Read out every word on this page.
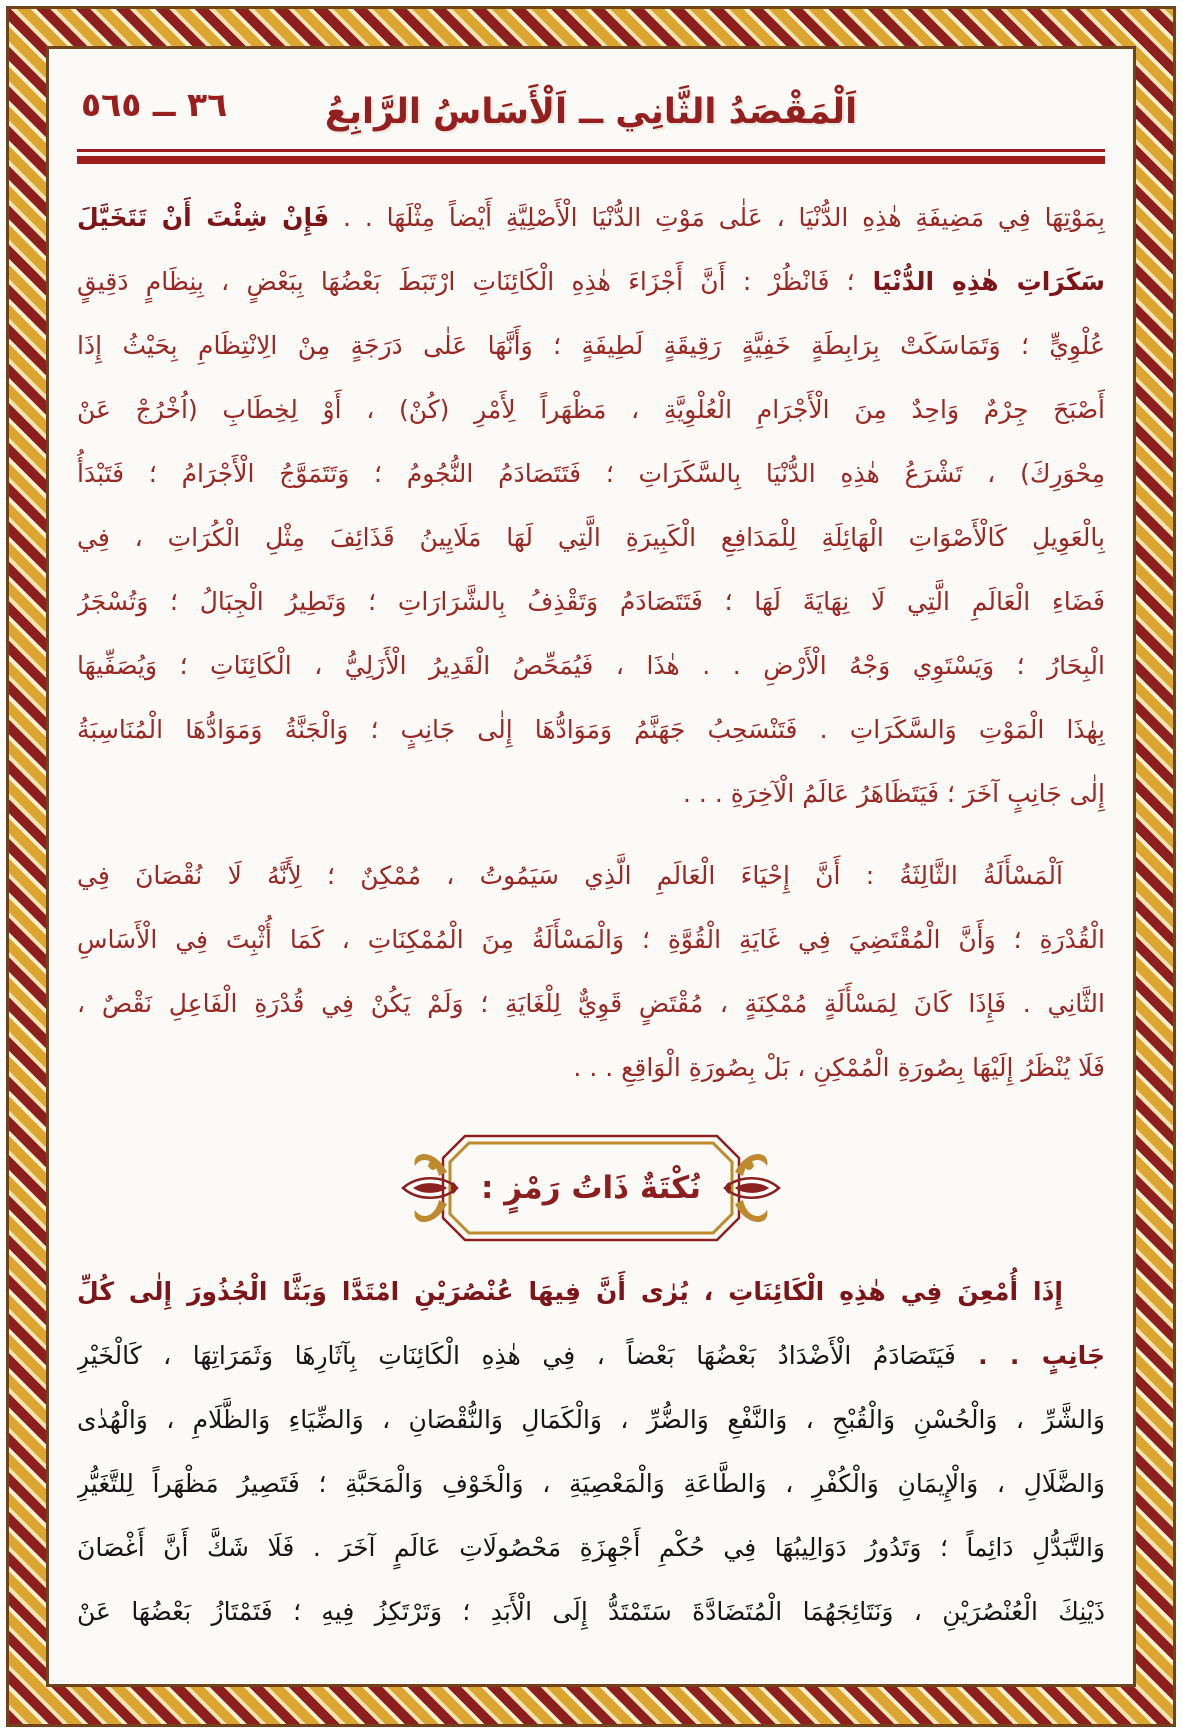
٣٦ ــ ٥٦٥	اَلْمَقْصَدُ الثَّانِي ــ اَلْأَسَاسُ الرَّابِعُ
بِمَوْتِهَا فِي مَضِيفَةِ هٰذِهِ الدُّنْيَا ، عَلٰى مَوْتِ الدُّنْيَا الْأَصْلِيَّةِ أَيْضاً مِثْلَهَا . . فَإِنْ شِئْتَ أَنْ تَتَخَيَّلَ
سَكَرَاتِ هٰذِهِ الدُّنْيَا ؛ فَانْظُرْ : أَنَّ أَجْزَاءَ هٰذِهِ الْكَائِنَاتِ ارْتَبَطَ بَعْضُهَا بِبَعْضٍ ، بِنِظَامٍ دَقِيقٍ
عُلْوِيٍّ ؛ وَتَمَاسَكَتْ بِرَابِطَةٍ خَفِيَّةٍ رَقِيقَةٍ لَطِيفَةٍ ؛ وَأَنَّهَا عَلٰى دَرَجَةٍ مِنْ الِانْتِظَامِ بِحَيْثُ إِذَا
أَصْبَحَ جِرْمٌ وَاحِدٌ مِنَ الْأَجْرَامِ الْعُلْوِيَّةِ ، مَظْهَراً لِأَمْرِ (كُنْ) ، أَوْ لِخِطَابِ (اُخْرُجْ عَنْ
مِحْوَرِكَ) ، تَشْرَعُ هٰذِهِ الدُّنْيَا بِالسَّكَرَاتِ ؛ فَتَتَصَادَمُ النُّجُومُ ؛ وَتَتَمَوَّجُ الْأَجْرَامُ ؛ فَتَبْدَأُ
بِالْعَوِيلِ كَالْأَصْوَاتِ الْهَائِلَةِ لِلْمَدَافِعِ الْكَبِيرَةِ الَّتِي لَهَا مَلَايِينُ قَذَائِفَ مِثْلِ الْكُرَاتِ ، فِي
فَضَاءِ الْعَالَمِ الَّتِي لَا نِهَايَةَ لَهَا ؛ فَتَتَصَادَمُ وَتَقْذِفُ بِالشَّرَارَاتِ ؛ وَتَطِيرُ الْجِبَالُ ؛ وَتُسْجَرُ
الْبِحَارُ ؛ وَيَسْتَوِي وَجْهُ الْأَرْضِ . . هٰذَا ، فَيُمَحِّصُ الْقَدِيرُ الْأَزَلِيُّ ، الْكَائِنَاتِ ؛ وَيُصَفِّيهَا
بِهٰذَا الْمَوْتِ وَالسَّكَرَاتِ . فَتَنْسَحِبُ جَهَنَّمُ وَمَوَادُّهَا إِلٰى جَانِبٍ ؛ وَالْجَنَّةُ وَمَوَادُّهَا الْمُنَاسِبَةُ
إِلٰى جَانِبٍ آخَرَ ؛ فَيَتَظَاهَرُ عَالَمُ الْآخِرَةِ . . .
اَلْمَسْأَلَةُ الثَّالِثَةُ : أَنَّ إِحْيَاءَ الْعَالَمِ الَّذِي سَيَمُوتُ ، مُمْكِنٌ ؛ لِأَنَّهُ لَا نُقْصَانَ فِي
الْقُدْرَةِ ؛ وَأَنَّ الْمُقْتَضِيَ فِي غَايَةِ الْقُوَّةِ ؛ وَالْمَسْأَلَةُ مِنَ الْمُمْكِنَاتِ ، كَمَا أُثْبِتَ فِي الْأَسَاسِ
الثَّانِي . فَإِذَا كَانَ لِمَسْأَلَةٍ مُمْكِنَةٍ ، مُقْتَضٍ قَوِيٌّ لِلْغَايَةِ ؛ وَلَمْ يَكُنْ فِي قُدْرَةِ الْفَاعِلِ نَقْصٌ ،
فَلَا يُنْظَرُ إِلَيْهَا بِصُورَةِ الْمُمْكِنِ ، بَلْ بِصُورَةِ الْوَاقِعِ . . .
نُكْتَةٌ ذَاتُ رَمْزٍ :
إِذَا أُمْعِنَ فِي هٰذِهِ الْكَائِنَاتِ ، يُرٰى أَنَّ فِيهَا عُنْصُرَيْنِ امْتَدَّا وَبَثَّا الْجُذُورَ إِلٰى كُلِّ
جَانِبٍ . . فَيَتَصَادَمُ الْأَضْدَادُ بَعْضُهَا بَعْضاً ، فِي هٰذِهِ الْكَائِنَاتِ بِآثَارِهَا وَثَمَرَاتِهَا ، كَالْخَيْرِ
وَالشَّرِّ ، وَالْحُسْنِ وَالْقُبْحِ ، وَالنَّفْعِ وَالضُّرِّ ، وَالْكَمَالِ وَالنُّقْصَانِ ، وَالضِّيَاءِ وَالظَّلَامِ ، وَالْهُدٰى
وَالضَّلَالِ ، وَالْإِيمَانِ وَالْكُفْرِ ، وَالطَّاعَةِ وَالْمَعْصِيَةِ ، وَالْخَوْفِ وَالْمَحَبَّةِ ؛ فَتَصِيرُ مَظْهَراً لِلتَّغَيُّرِ
وَالتَّبَدُّلِ دَائِماً ؛ وَتَدُورُ دَوَالِيبُهَا فِي حُكْمِ أَجْهِزَةِ مَحْصُولَاتِ عَالَمٍ آخَرَ . فَلَا شَكَّ أَنَّ أَغْصَانَ
ذَيْنِكَ الْعُنْصُرَيْنِ ، وَنَتَائِجَهُمَا الْمُتَضَادَّةَ سَتَمْتَدُّ إِلَى الْأَبَدِ ؛ وَتَرْتَكِزُ فِيهِ ؛ فَتَمْتَازُ بَعْضُهَا عَنْ
